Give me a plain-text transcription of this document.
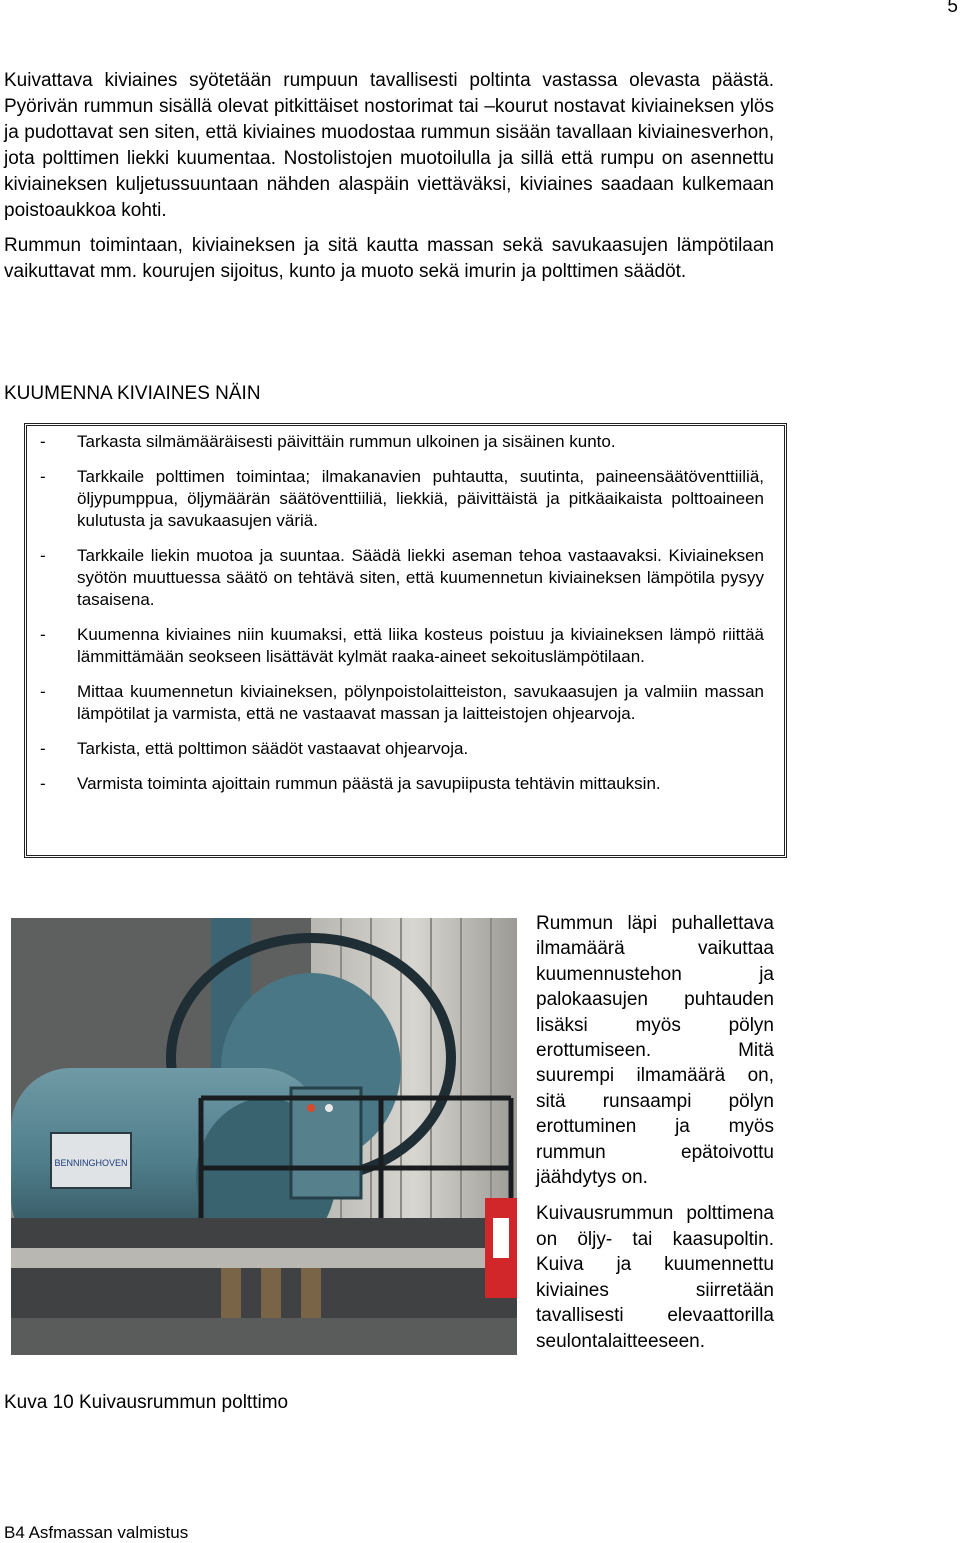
5

Kuivattava kiviaines syötetään rumpuun tavallisesti poltinta vastassa olevasta päästä. Pyörivän rummun sisällä olevat pitkittäiset nostorimat tai –kourut nostavat kiviaineksen ylös ja pudottavat sen siten, että kiviaines muodostaa rummun sisään tavallaan kiviainesverhon, jota polttimen liekki kuumentaa. Nostolistojen muotoilulla ja sillä että rumpu on asennettu kiviaineksen kuljetussuuntaan nähden alaspäin viettäväksi, kiviaines saadaan kulkemaan poistoaukkoa kohti.

Rummun toimintaan, kiviaineksen ja sitä kautta massan sekä savukaasujen lämpötilaan vaikuttavat mm. kourujen sijoitus, kunto ja muoto sekä imurin ja polttimen säädöt.

KUUMENNA KIVIAINES NÄIN
- Tarkasta silmämääräisesti päivittäin rummun ulkoinen ja sisäinen kunto.
- Tarkkaile polttimen toimintaa; ilmakanavien puhtautta, suutinta, paineensäätöventtiiliä, öljypumppua, öljymäärän säätöventtiiliä, liekkiä, päivittäistä ja pitkäaikaista polttoaineen kulutusta ja savukaasujen väriä.
- Tarkkaile liekin muotoa ja suuntaa. Säädä liekki aseman tehoa vastaavaksi. Kiviaineksen syötön muuttuessa säätö on tehtävä siten, että kuumennetun kiviaineksen lämpötila pysyy tasaisena.
- Kuumenna kiviaines niin kuumaksi, että liika kosteus poistuu ja kiviaineksen lämpö riittää lämmittämään seokseen lisättävät kylmät raaka-aineet sekoituslämpötilaan.
- Mittaa kuumennetun kiviaineksen, pölynpoistolaitteiston, savukaasujen ja valmiin massan lämpötilat ja varmista, että ne vastaavat massan ja laitteistojen ohjearvoja.
- Tarkista, että polttimon säädöt vastaavat ohjearvoja.
- Varmista toiminta ajoittain rummun päästä ja savupiipusta tehtävin mittauksin.
BENNINGHOVEN
Kuva 10 Kuivausrummun polttimo

Rummun läpi puhallettava ilmamäärä vaikuttaa kuumennustehon ja palokaasujen puhtauden lisäksi myös pölyn erottumiseen. Mitä suurempi ilmamäärä on, sitä runsaampi pölyn erottuminen ja myös rummun epätoivottu jäähdytys on.

Kuivausrummun polttimena on öljy- tai kaasupoltin. Kuiva ja kuumennettu kiviaines siirretään tavallisesti elevaattorilla seulontalaitteeseen.

B4 Asfmassan valmistus
